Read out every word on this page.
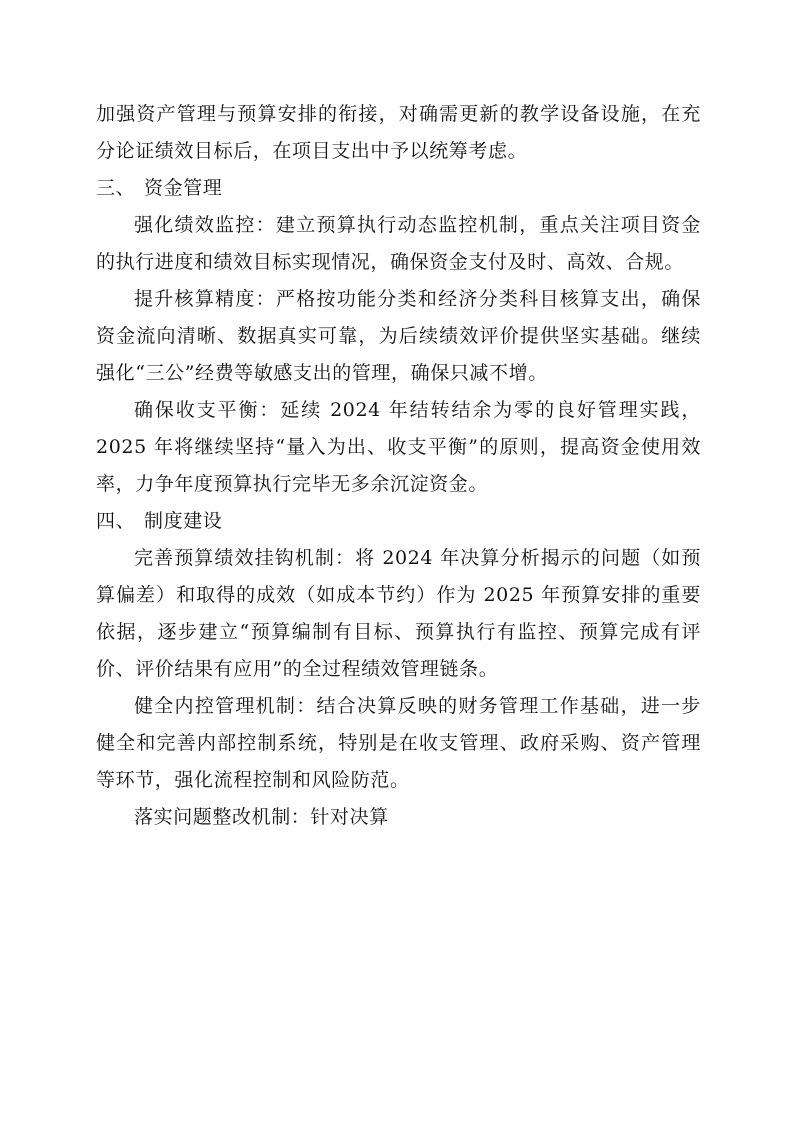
加强资产管理与预算安排的衔接，对确需更新的教学设备设施，在充分论证绩效目标后，在项目支出中予以统筹考虑。

三、 资金管理

强化绩效监控：建立预算执行动态监控机制，重点关注项目资金的执行进度和绩效目标实现情况，确保资金支付及时、高效、合规。

提升核算精度：严格按功能分类和经济分类科目核算支出，确保资金流向清晰、数据真实可靠，为后续绩效评价提供坚实基础。继续强化“三公”经费等敏感支出的管理，确保只减不增。

确保收支平衡：延续 2024 年结转结余为零的良好管理实践，2025 年将继续坚持“量入为出、收支平衡”的原则，提高资金使用效率，力争年度预算执行完毕无多余沉淀资金。

四、 制度建设

完善预算绩效挂钩机制：将 2024 年决算分析揭示的问题（如预算偏差）和取得的成效（如成本节约）作为 2025 年预算安排的重要依据，逐步建立“预算编制有目标、预算执行有监控、预算完成有评价、评价结果有应用”的全过程绩效管理链条。

健全内控管理机制：结合决算反映的财务管理工作基础，进一步健全和完善内部控制系统，特别是在收支管理、政府采购、资产管理等环节，强化流程控制和风险防范。

落实问题整改机制：针对决算
